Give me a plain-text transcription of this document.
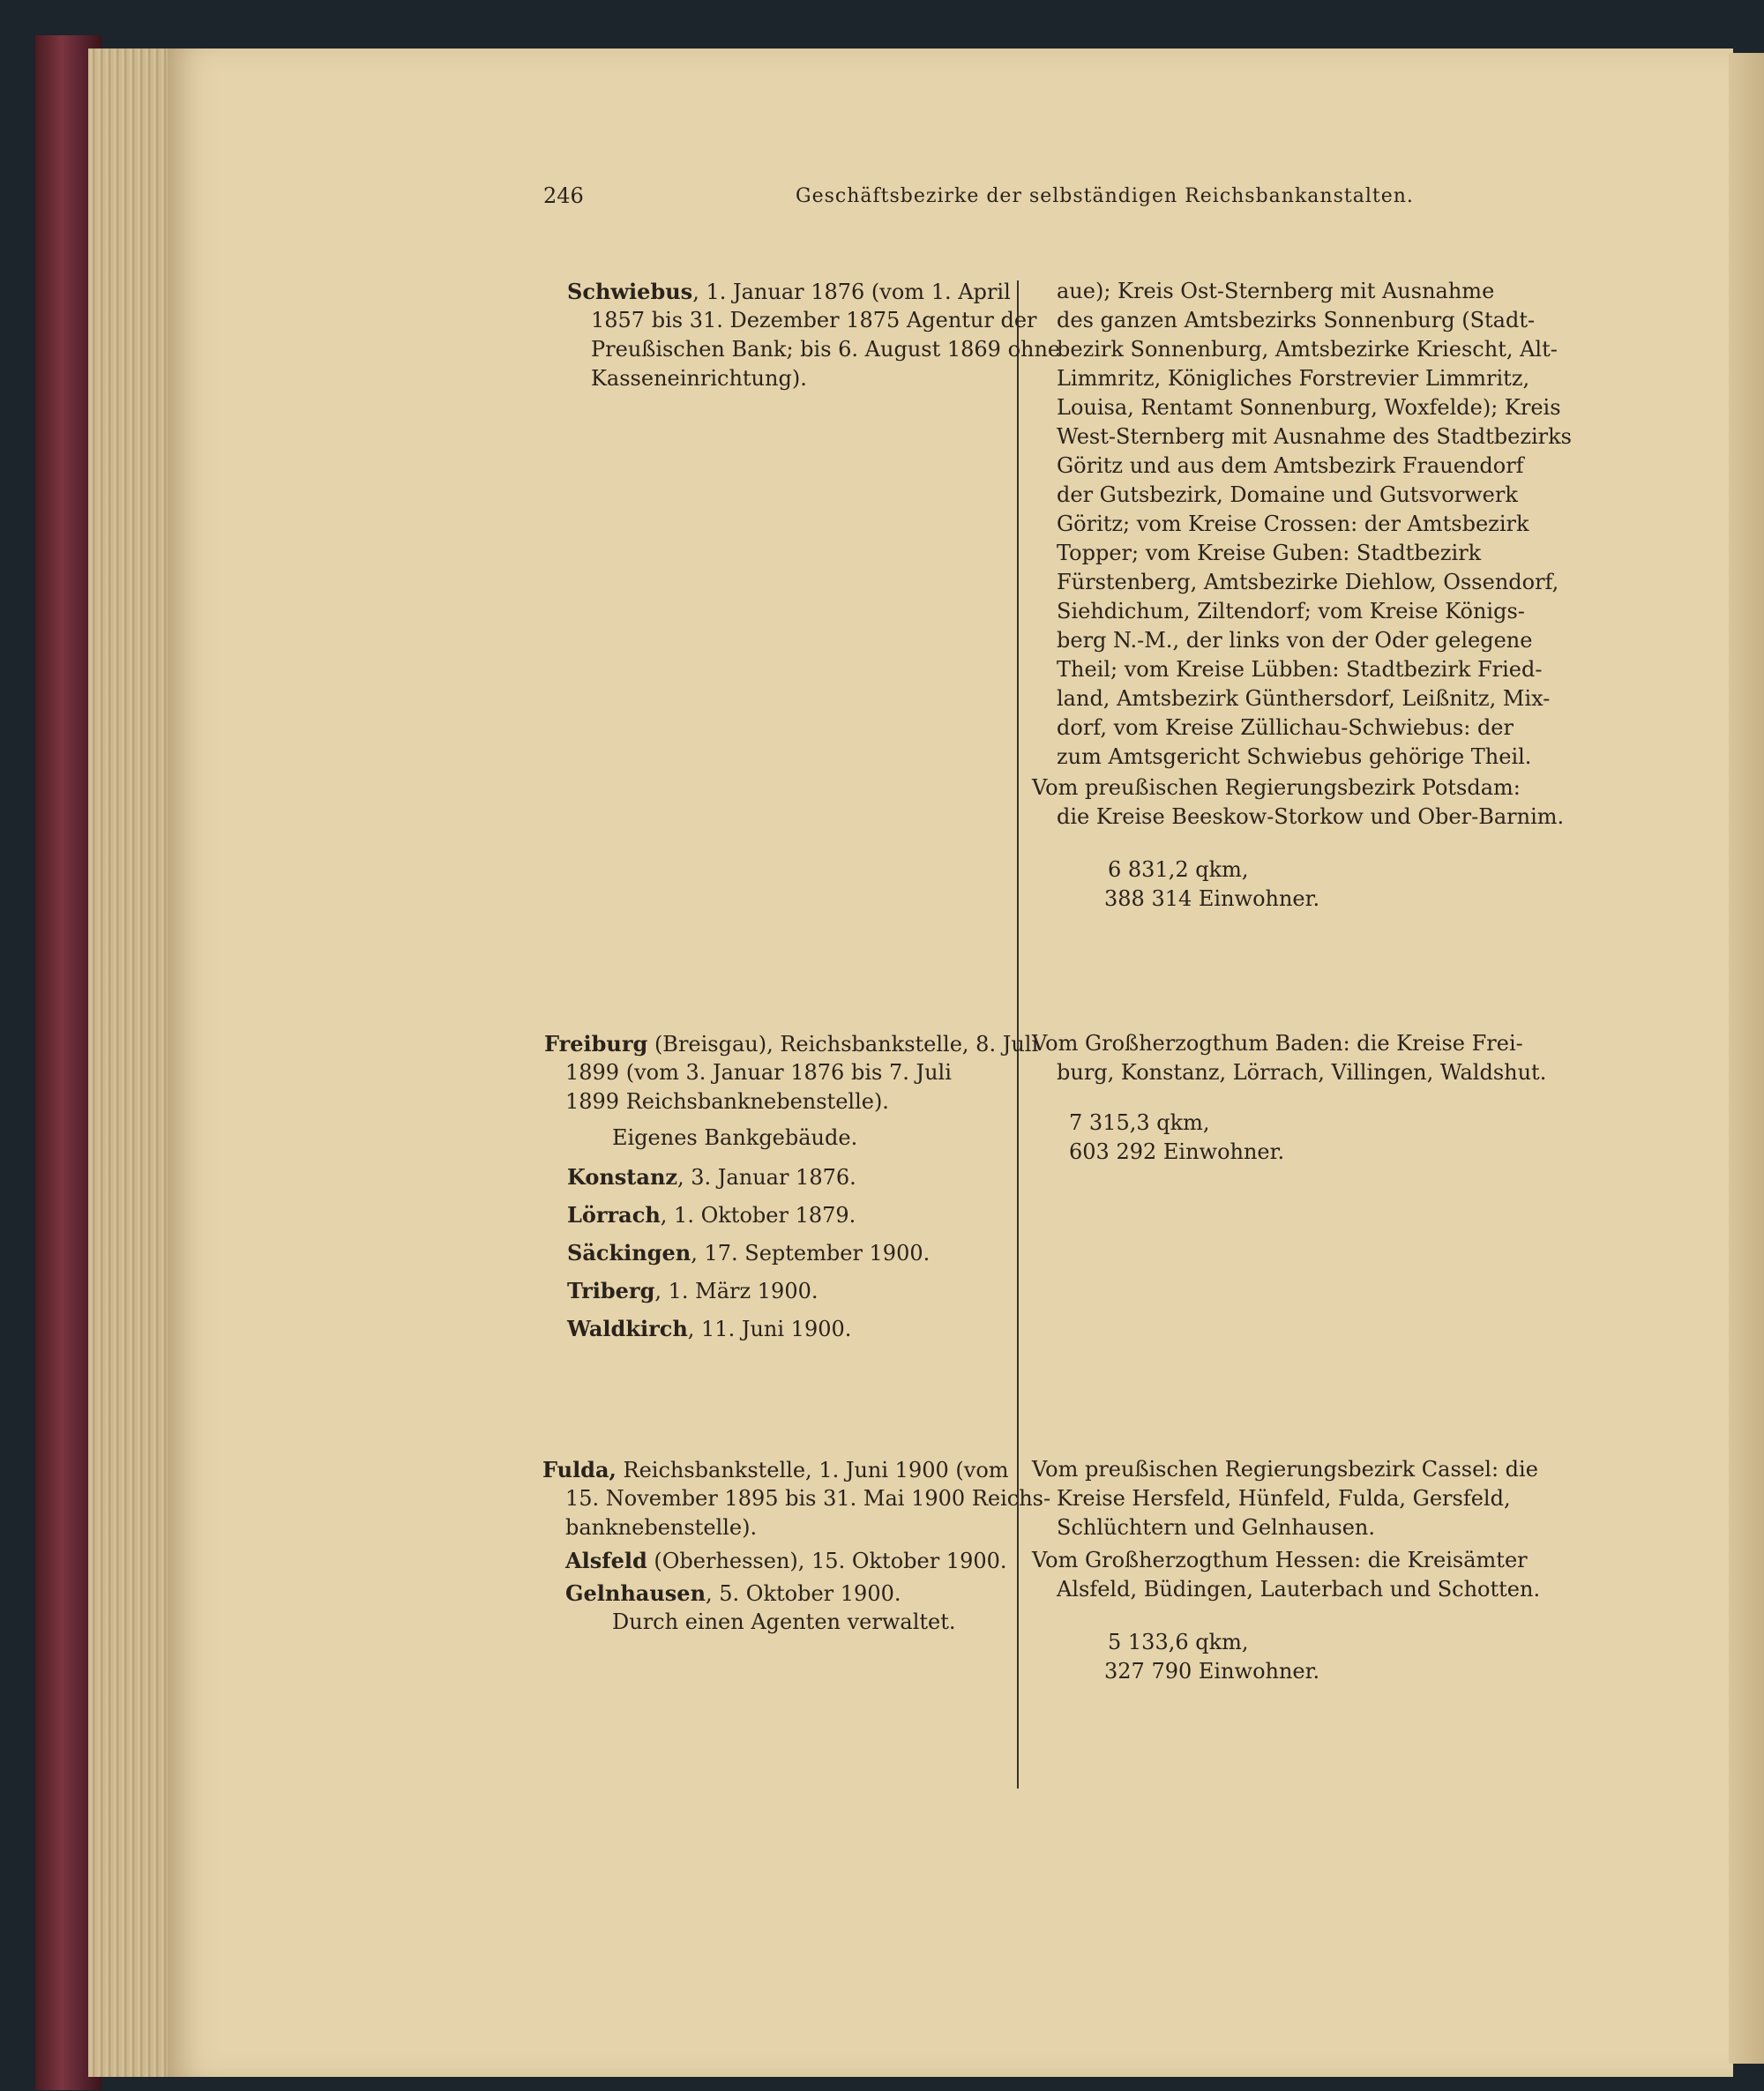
246	Geschäftsbezirke der selbständigen Reichsbankanstalten.
Schwiebus, 1. Januar 1876 (vom 1. April
1857 bis 31. Dezember 1875 Agentur der
Preußischen Bank; bis 6. August 1869 ohne
Kasseneinrichtung).
aue); Kreis Ost-Sternberg mit Ausnahme
des ganzen Amtsbezirks Sonnenburg (Stadt-
bezirk Sonnenburg, Amtsbezirke Kriescht, Alt-
Limmritz, Königliches Forstrevier Limmritz,
Louisa, Rentamt Sonnenburg, Woxfelde); Kreis
West-Sternberg mit Ausnahme des Stadtbezirks
Göritz und aus dem Amtsbezirk Frauendorf
der Gutsbezirk, Domaine und Gutsvorwerk
Göritz; vom Kreise Crossen: der Amtsbezirk
Topper; vom Kreise Guben: Stadtbezirk
Fürstenberg, Amtsbezirke Diehlow, Ossendorf,
Siehdichum, Ziltendorf; vom Kreise Königs-
berg N.-M., der links von der Oder gelegene
Theil; vom Kreise Lübben: Stadtbezirk Fried-
land, Amtsbezirk Günthersdorf, Leißnitz, Mix-
dorf, vom Kreise Züllichau-Schwiebus: der
zum Amtsgericht Schwiebus gehörige Theil.
Vom preußischen Regierungsbezirk Potsdam:
die Kreise Beeskow-Storkow und Ober-Barnim.
6 831,2 qkm,
388 314 Einwohner.
Freiburg (Breisgau), Reichsbankstelle, 8. Juli
1899 (vom 3. Januar 1876 bis 7. Juli
1899 Reichsbanknebenstelle).
Eigenes Bankgebäude.
Konstanz, 3. Januar 1876.
Lörrach, 1. Oktober 1879.
Säckingen, 17. September 1900.
Triberg, 1. März 1900.
Waldkirch, 11. Juni 1900.
Vom Großherzogthum Baden: die Kreise Frei-
burg, Konstanz, Lörrach, Villingen, Waldshut.
7 315,3 qkm,
603 292 Einwohner.
Fulda, Reichsbankstelle, 1. Juni 1900 (vom
15. November 1895 bis 31. Mai 1900 Reichs-
banknebenstelle).
Alsfeld (Oberhessen), 15. Oktober 1900.
Gelnhausen, 5. Oktober 1900.
Durch einen Agenten verwaltet.
Vom preußischen Regierungsbezirk Cassel: die
Kreise Hersfeld, Hünfeld, Fulda, Gersfeld,
Schlüchtern und Gelnhausen.
Vom Großherzogthum Hessen: die Kreisämter
Alsfeld, Büdingen, Lauterbach und Schotten.
5 133,6 qkm,
327 790 Einwohner.
